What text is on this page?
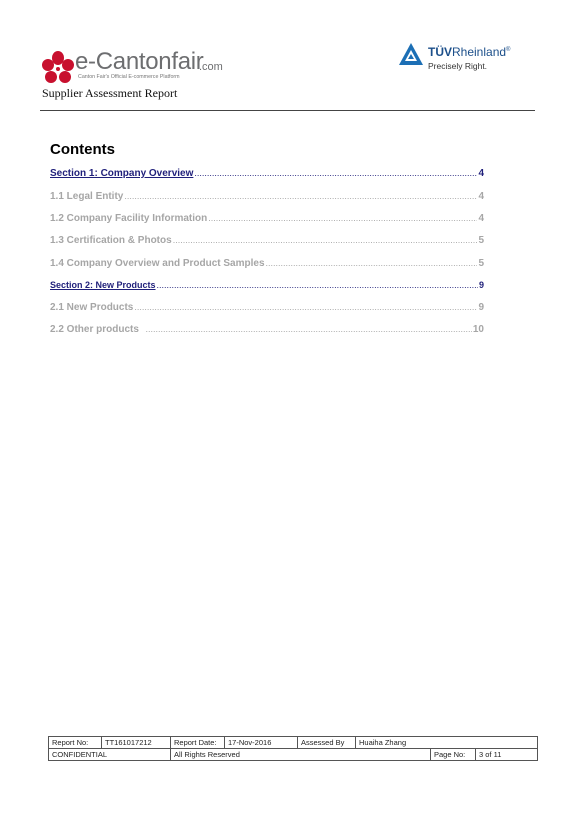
e-Cantonfair
.com
Canton Fair's Official E-commerce Platform
Supplier Assessment Report
TÜVRheinland®
Precisely Right.
Contents
Section 1: Company Overview .....	4
1.1 Legal Entity .....	4
1.2 Company Facility Information .....	4
1.3 Certification & Photos .....	5
1.4 Company Overview and Product Samples .....	5
Section 2: New Products .....	9
2.1 New Products .....	9
2.2 Other products .....	10
Report No:	TT161017212	Report Date:	17-Nov-2016	Assessed By	Huaiha Zhang		
CONFIDENTIAL		All Rights Reserved				Page No:	3 of 11
